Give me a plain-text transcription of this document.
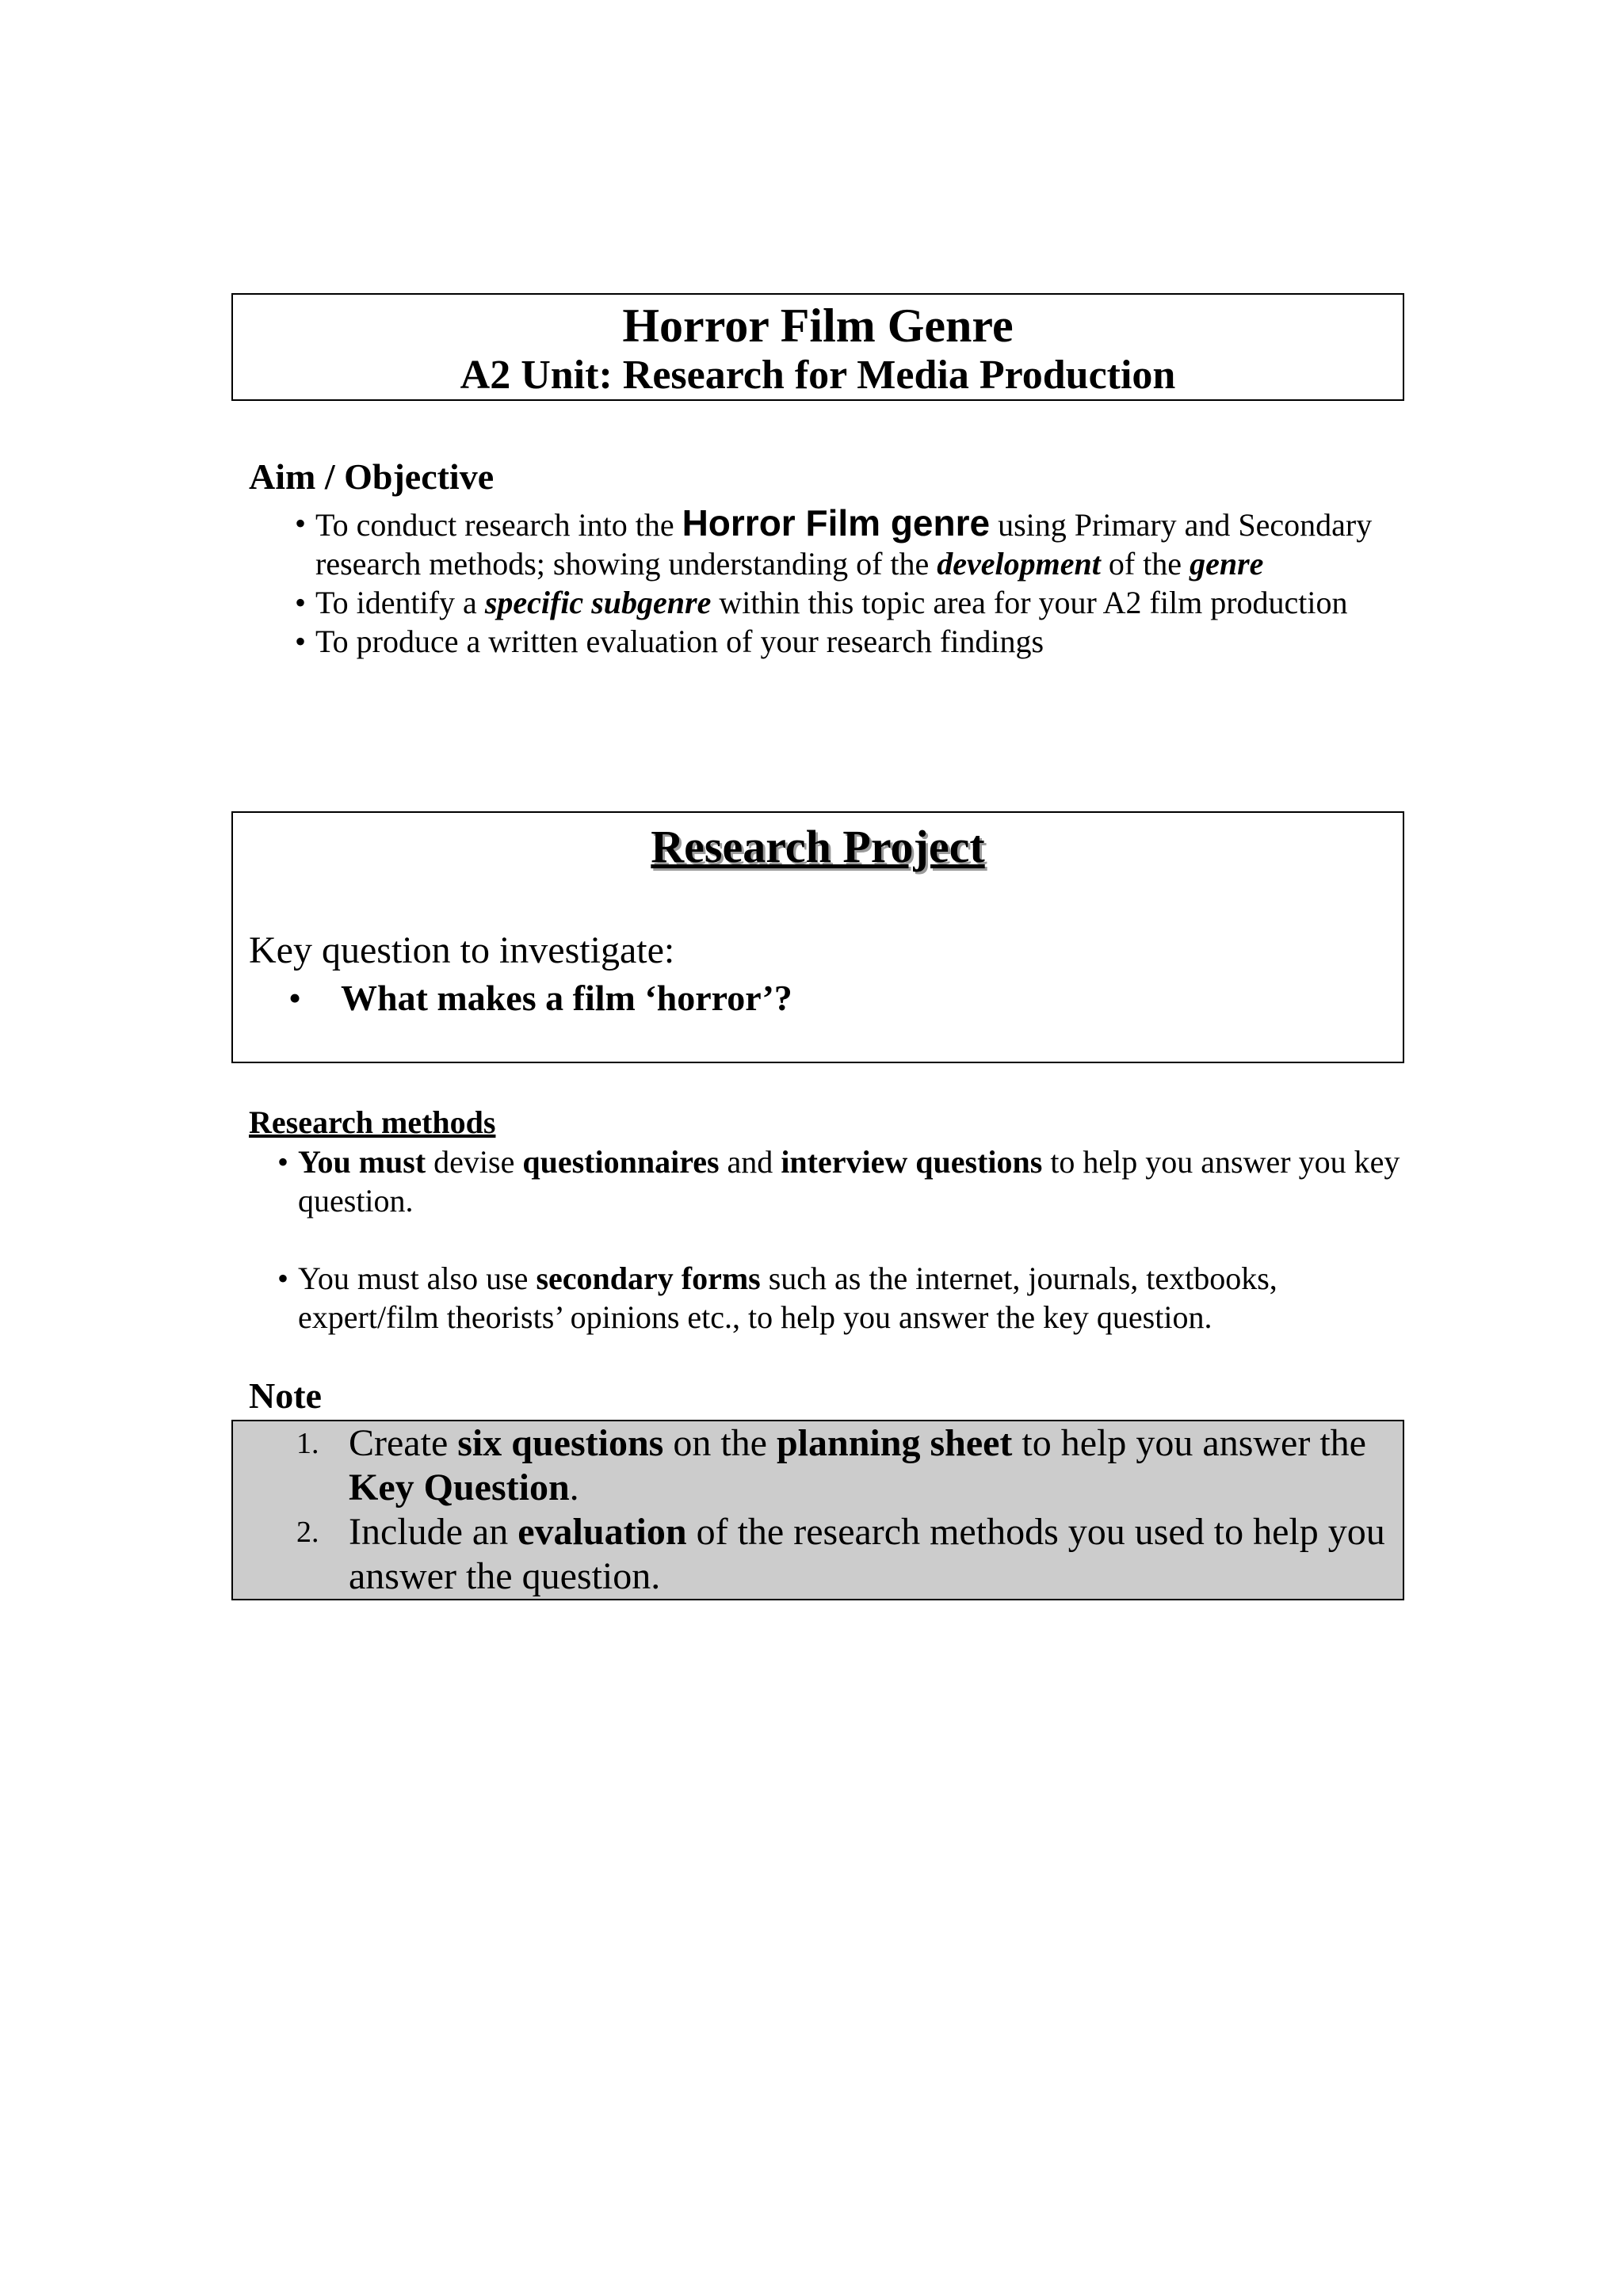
Horror Film Genre
A2 Unit: Research for Media Production
Aim / Objective
• To conduct research into the Horror Film genre using Primary and Secondary research methods; showing understanding of the development of the genre
• To identify a specific subgenre within this topic area for your A2 film production
• To produce a written evaluation of your research findings
Research Project
Key question to investigate:
• What makes a film ‘horror’?
Research methods
• You must devise questionnaires and interview questions to help you answer you key question.
• You must also use secondary forms such as the internet, journals, textbooks, expert/film theorists’ opinions etc., to help you answer the key question.
Note
1. Create six questions on the planning sheet to help you answer the Key Question.
2. Include an evaluation of the research methods you used to help you answer the question.
